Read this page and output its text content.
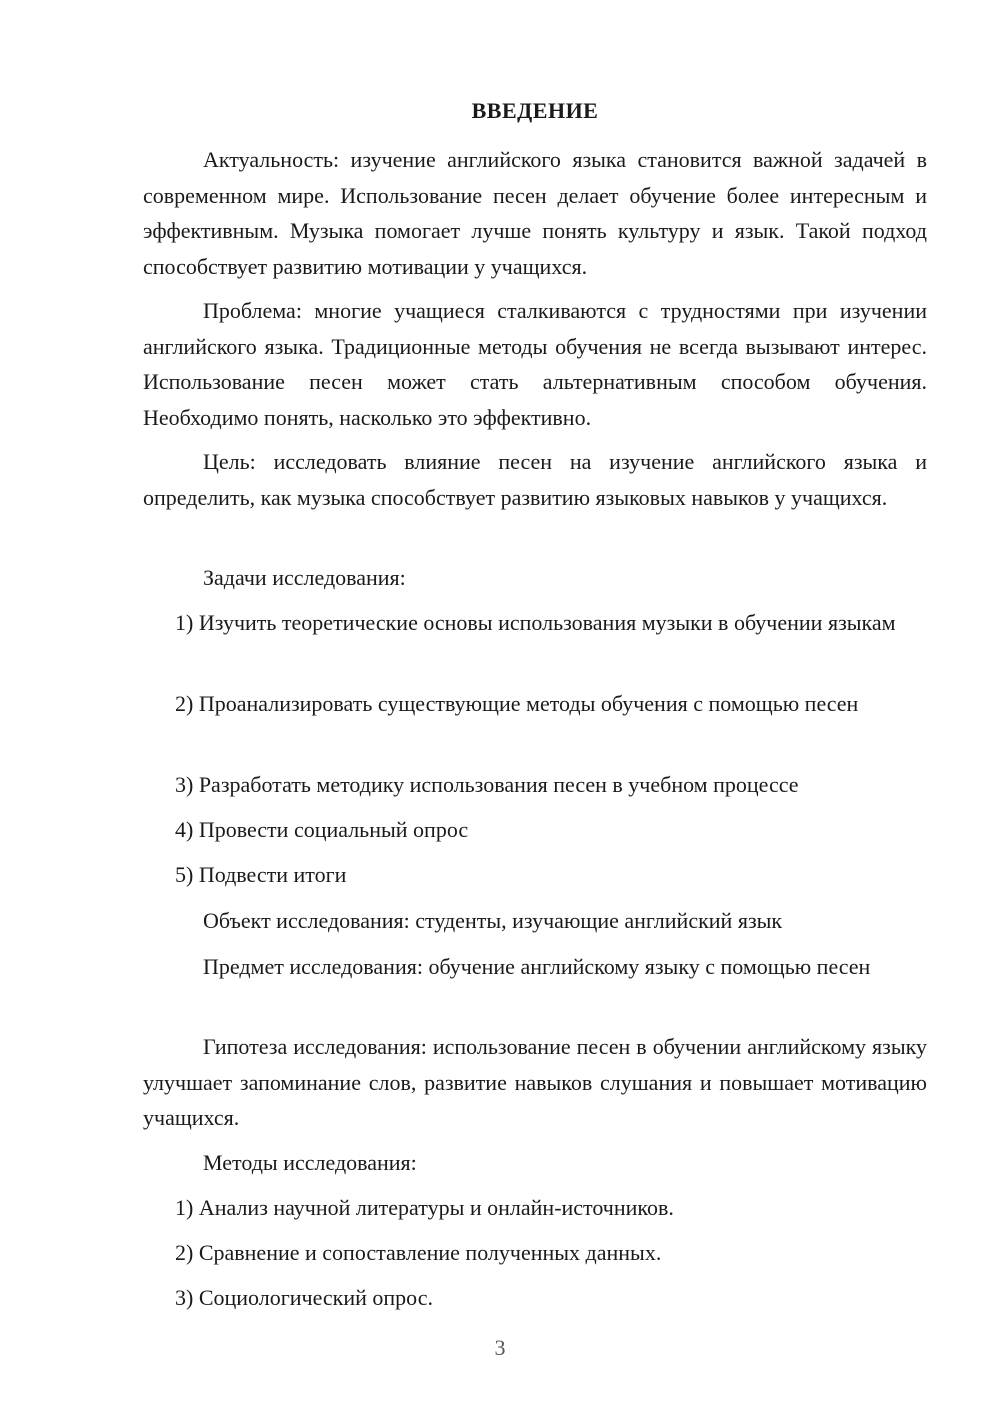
ВВЕДЕНИЕ

Актуальность: изучение английского языка становится важной задачей в современном мире. Использование песен делает обучение более интересным и эффективным. Музыка помогает лучше понять культуру и язык. Такой подход способствует развитию мотивации у учащихся.

Проблема: многие учащиеся сталкиваются с трудностями при изучении английского языка. Традиционные методы обучения не всегда вызывают интерес. Использование песен может стать альтернативным способом обучения. Необходимо понять, насколько это эффективно.

Цель: исследовать влияние песен на изучение английского языка и определить, как музыка способствует развитию языковых навыков у учащихся.

Задачи исследования:

1) Изучить теоретические основы использования музыки в обучении языкам

2) Проанализировать существующие методы обучения с помощью песен

3) Разработать методику использования песен в учебном процессе

4) Провести социальный опрос

5) Подвести итоги

Объект исследования: студенты, изучающие английский язык

Предмет исследования: обучение английскому языку с помощью песен

Гипотеза исследования: использование песен в обучении английскому языку улучшает запоминание слов, развитие навыков слушания и повышает мотивацию учащихся.

Методы исследования:

1) Анализ научной литературы и онлайн-источников.

2) Сравнение и сопоставление полученных данных.

3) Социологический опрос.

3
